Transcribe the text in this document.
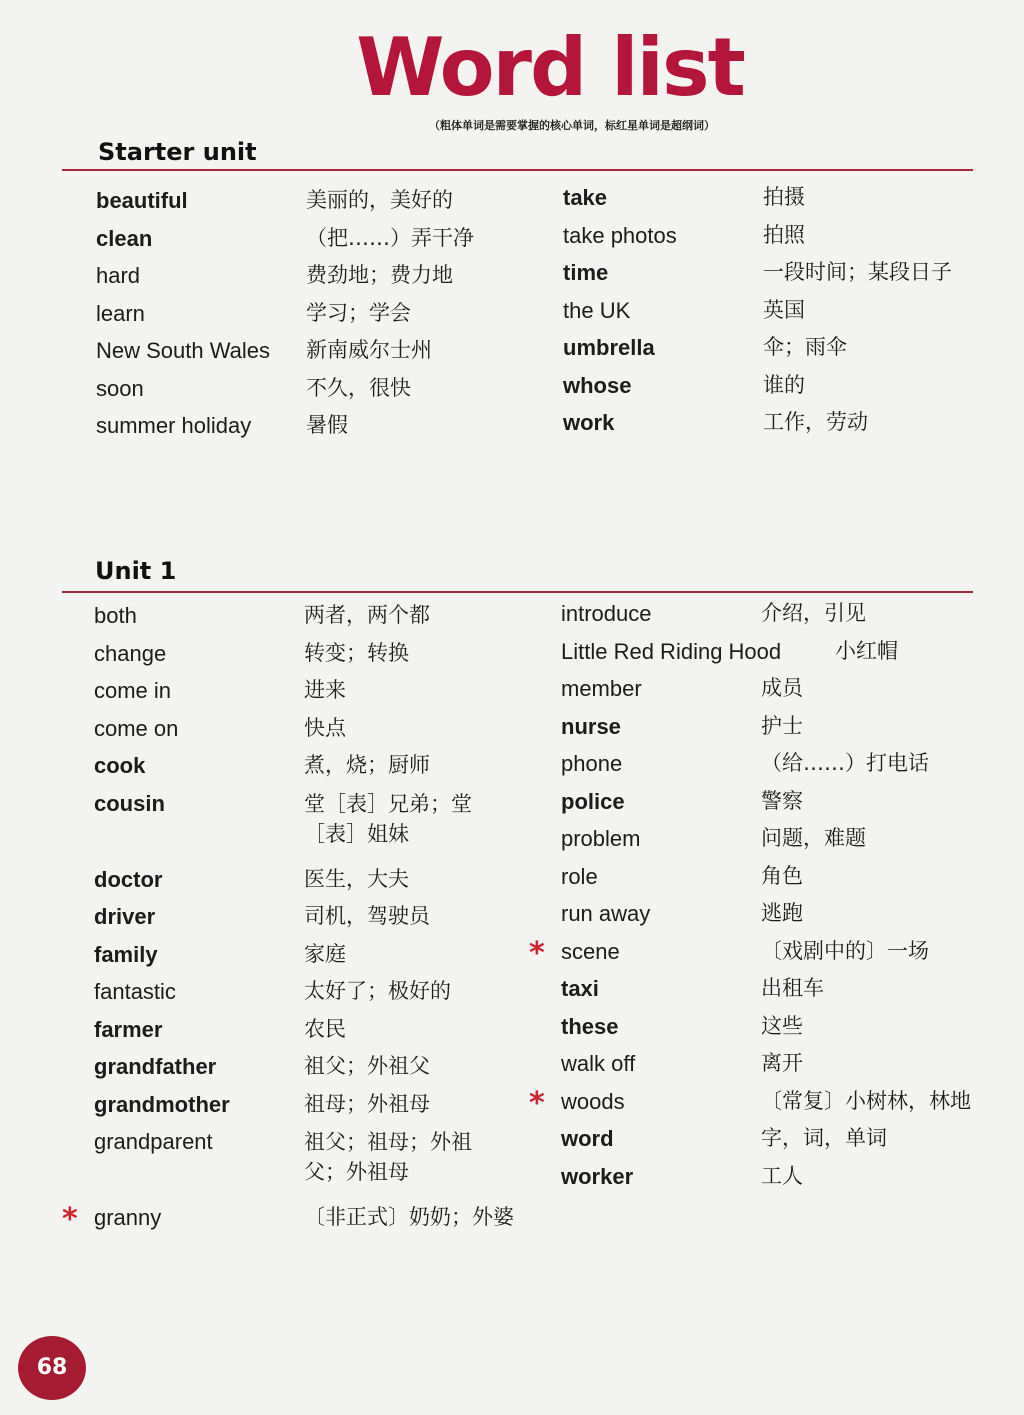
Word list
（粗体单词是需要掌握的核心单词，标红星单词是超纲词）
Starter unit
beautiful	美丽的，美好的
clean	（把……）弄干净
hard	费劲地；费力地
learn	学习；学会
New South Wales 新南威尔士州
soon	不久，很快
summer holiday	暑假
take	拍摄
take photos	拍照
time	一段时间；某段日子
the UK	英国
umbrella	伞；雨伞
whose	谁的
work	工作，劳动
Unit 1
both	两者，两个都
change	转变；转换
come in	进来
come on	快点
cook	煮，烧；厨师
cousin	堂［表］兄弟；堂［表］姐妹
doctor	医生，大夫
driver	司机，驾驶员
family	家庭
fantastic	太好了；极好的
farmer	农民
grandfather	祖父；外祖父
grandmother	祖母；外祖母
grandparent	祖父；祖母；外祖父；外祖母
* granny	〔非正式〕奶奶；外婆
introduce	介绍，引见
Little Red Riding Hood	小红帽
member	成员
nurse	护士
phone	（给……）打电话
police	警察
problem	问题，难题
role	角色
run away	逃跑
* scene	〔戏剧中的〕一场
taxi	出租车
these	这些
walk off	离开
* woods	〔常复〕小树林，林地
word	字，词，单词
worker	工人
68
